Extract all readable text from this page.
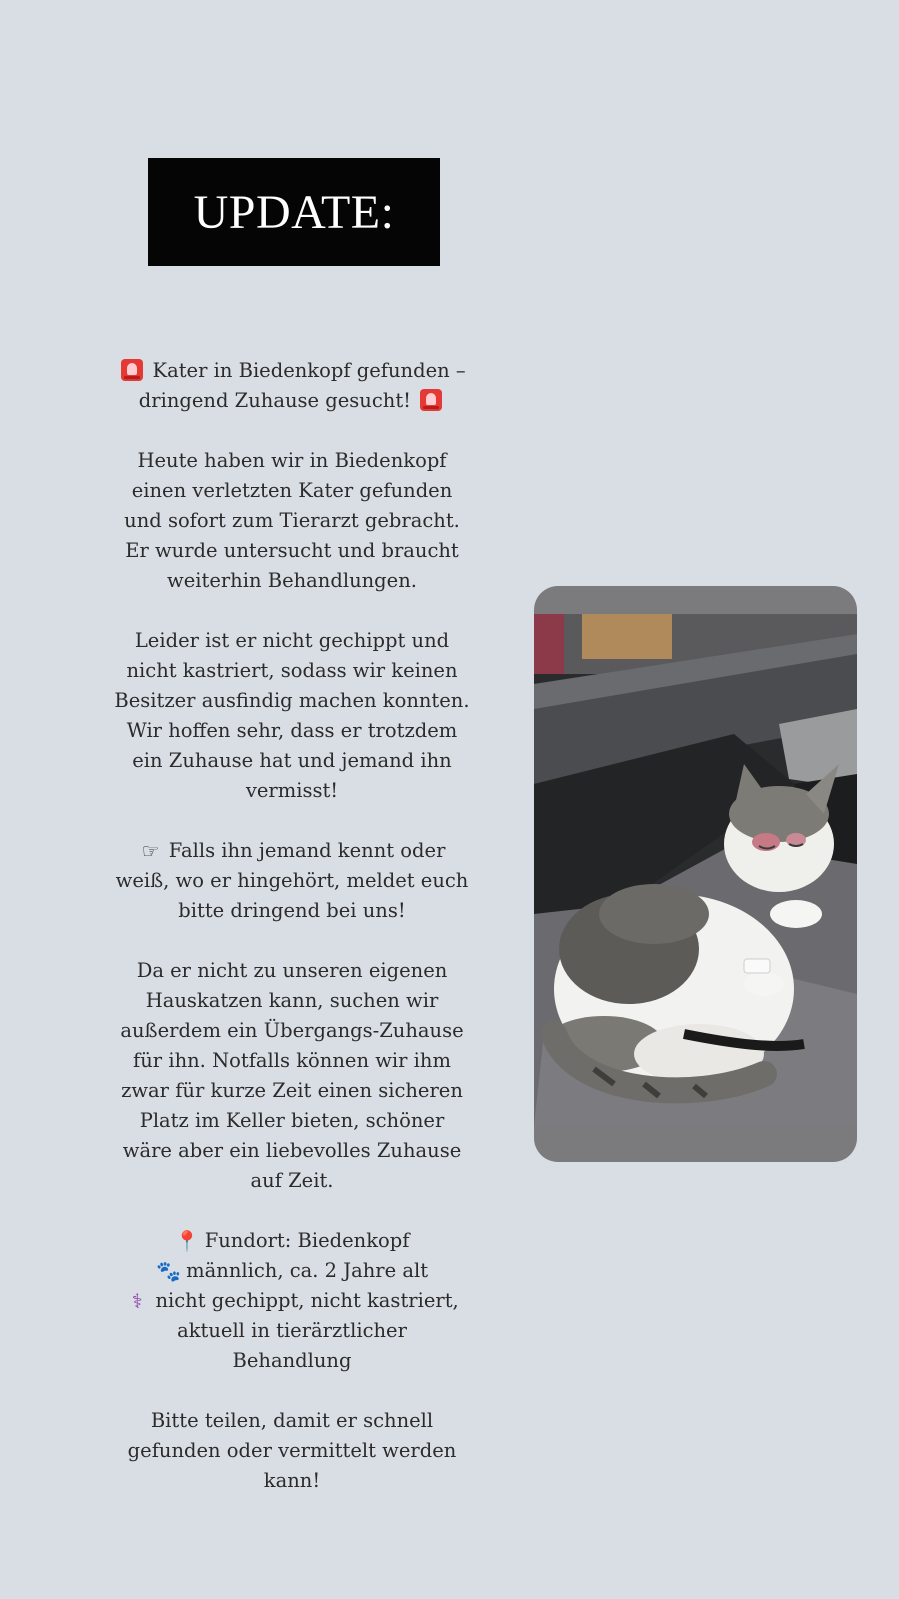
UPDATE:

Kater in Biedenkopf gefunden –
dringend Zuhause gesucht!

Heute haben wir in Biedenkopf
einen verletzten Kater gefunden
und sofort zum Tierarzt gebracht.
Er wurde untersucht und braucht
weiterhin Behandlungen.

Leider ist er nicht gechippt und
nicht kastriert, sodass wir keinen
Besitzer ausfindig machen konnten.
Wir hoffen sehr, dass er trotzdem
ein Zuhause hat und jemand ihn
vermisst!

☞ Falls ihn jemand kennt oder
weiß, wo er hingehört, meldet euch
bitte dringend bei uns!

Da er nicht zu unseren eigenen
Hauskatzen kann, suchen wir
außerdem ein Übergangs-Zuhause
für ihn. Notfalls können wir ihm
zwar für kurze Zeit einen sicheren
Platz im Keller bieten, schöner
wäre aber ein liebevolles Zuhause
auf Zeit.

📍 Fundort: Biedenkopf
🐾 männlich, ca. 2 Jahre alt
⚕ nicht gechippt, nicht kastriert,
aktuell in tierärztlicher
Behandlung

Bitte teilen, damit er schnell
gefunden oder vermittelt werden
kann!
